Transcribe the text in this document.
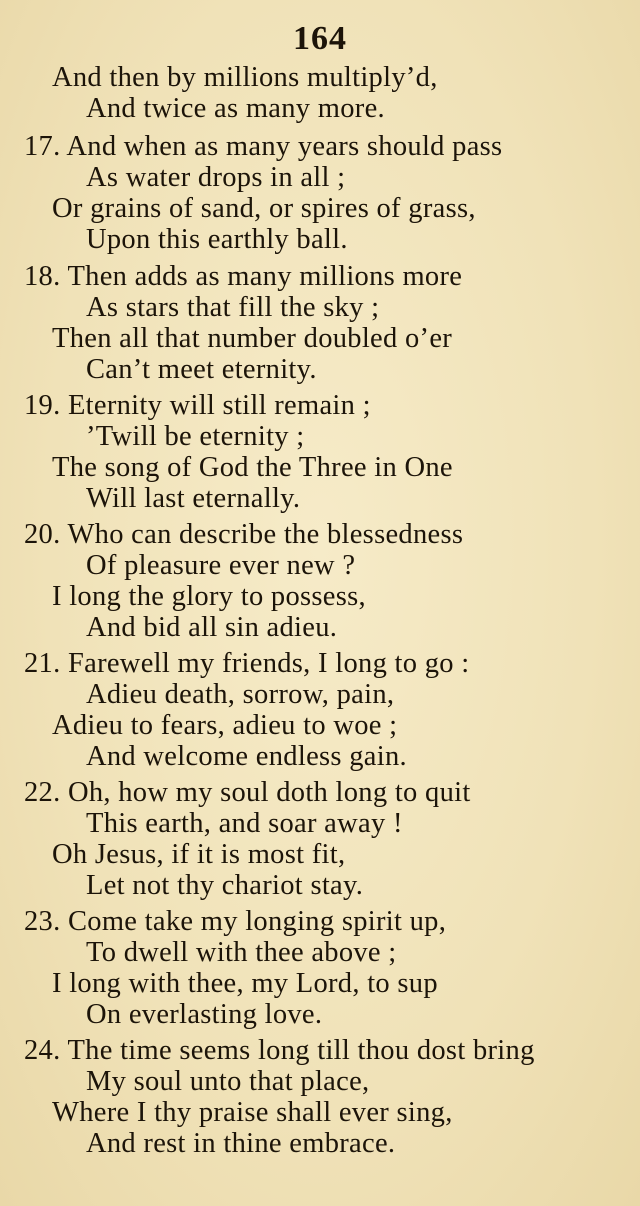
164
And then by millions multiply’d,
And twice as many more.
17. And when as many years should pass
As water drops in all ;
Or grains of sand, or spires of grass,
Upon this earthly ball.
18. Then adds as many millions more
As stars that fill the sky ;
Then all that number doubled o’er
Can’t meet eternity.
19. Eternity will still remain ;
’Twill be eternity ;
The song of God the Three in One
Will last eternally.
20. Who can describe the blessedness
Of pleasure ever new ?
I long the glory to possess,
And bid all sin adieu.
21. Farewell my friends, I long to go :
Adieu death, sorrow, pain,
Adieu to fears, adieu to woe ;
And welcome endless gain.
22. Oh, how my soul doth long to quit
This earth, and soar away !
Oh Jesus, if it is most fit,
Let not thy chariot stay.
23. Come take my longing spirit up,
To dwell with thee above ;
I long with thee, my Lord, to sup
On everlasting love.
24. The time seems long till thou dost bring
My soul unto that place,
Where I thy praise shall ever sing,
And rest in thine embrace.
